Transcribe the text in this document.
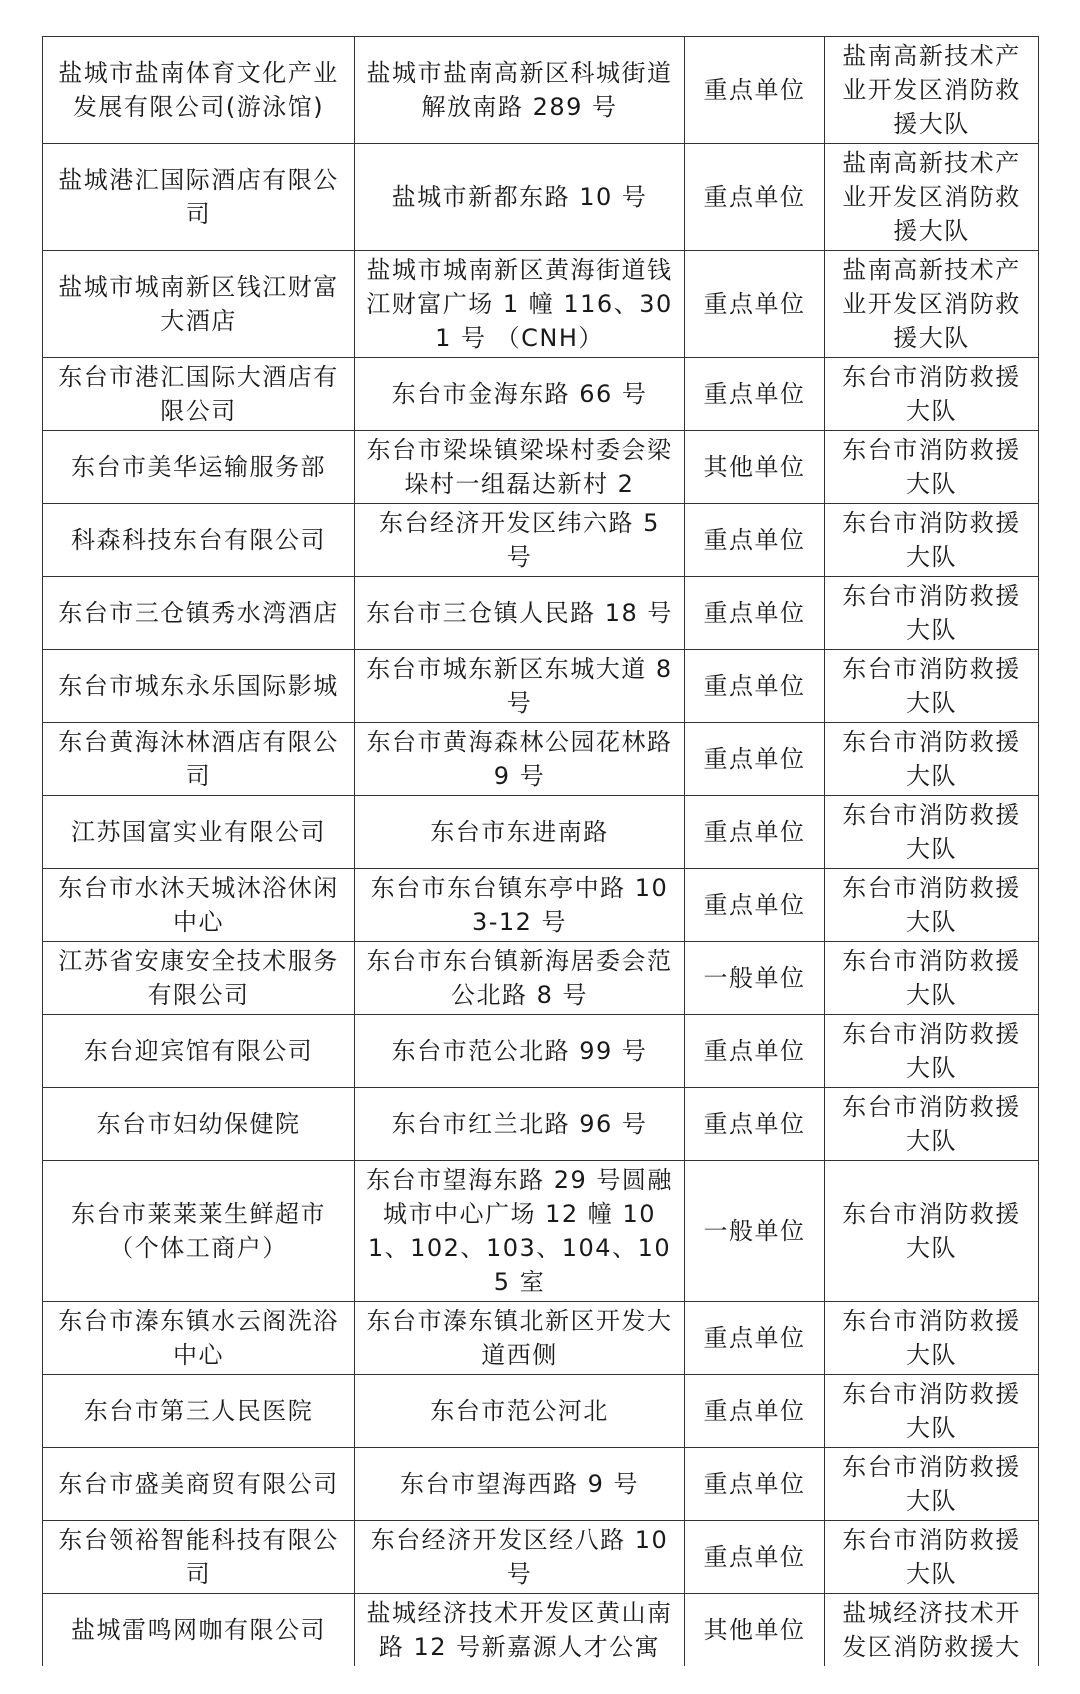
盐城市盐南体育文化产业发展有限公司(游泳馆)	盐城市盐南高新区科城街道解放南路 289 号	重点单位	盐南高新技术产业开发区消防救援大队
盐城港汇国际酒店有限公司	盐城市新都东路 10 号	重点单位	盐南高新技术产业开发区消防救援大队
盐城市城南新区钱江财富大酒店	盐城市城南新区黄海街道钱江财富广场 1 幢 116、301 号 （CNH）	重点单位	盐南高新技术产业开发区消防救援大队
东台市港汇国际大酒店有限公司	东台市金海东路 66 号	重点单位	东台市消防救援大队
东台市美华运输服务部	东台市梁垛镇梁垛村委会梁垛村一组磊达新村 2	其他单位	东台市消防救援大队
科森科技东台有限公司	东台经济开发区纬六路 5 号	重点单位	东台市消防救援大队
东台市三仓镇秀水湾酒店	东台市三仓镇人民路 18 号	重点单位	东台市消防救援大队
东台市城东永乐国际影城	东台市城东新区东城大道 8 号	重点单位	东台市消防救援大队
东台黄海沐林酒店有限公司	东台市黄海森林公园花林路 9 号	重点单位	东台市消防救援大队
江苏国富实业有限公司	东台市东进南路	重点单位	东台市消防救援大队
东台市水沐天城沐浴休闲中心	东台市东台镇东亭中路 103-12 号	重点单位	东台市消防救援大队
江苏省安康安全技术服务有限公司	东台市东台镇新海居委会范公北路 8 号	一般单位	东台市消防救援大队
东台迎宾馆有限公司	东台市范公北路 99 号	重点单位	东台市消防救援大队
东台市妇幼保健院	东台市红兰北路 96 号	重点单位	东台市消防救援大队
东台市莱莱莱生鲜超市（个体工商户）	东台市望海东路 29 号圆融城市中心广场 12 幢 101、102、103、104、105 室	一般单位	东台市消防救援大队
东台市溱东镇水云阁洗浴中心	东台市溱东镇北新区开发大道西侧	重点单位	东台市消防救援大队
东台市第三人民医院	东台市范公河北	重点单位	东台市消防救援大队
东台市盛美商贸有限公司	东台市望海西路 9 号	重点单位	东台市消防救援大队
东台领裕智能科技有限公司	东台经济开发区经八路 10 号	重点单位	东台市消防救援大队
盐城雷鸣网咖有限公司	盐城经济技术开发区黄山南路 12 号新嘉源人才公寓	其他单位	盐城经济技术开发区消防救援大
